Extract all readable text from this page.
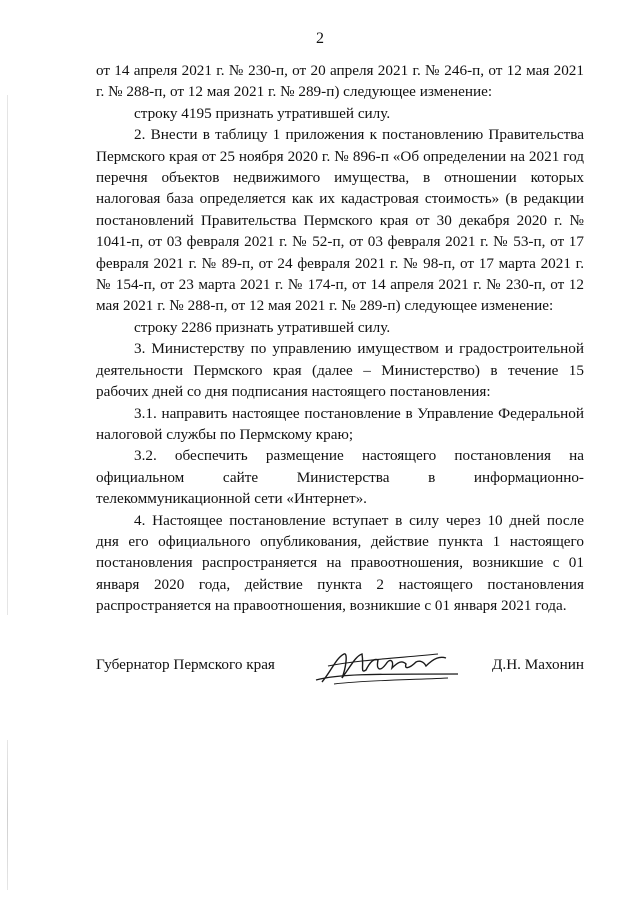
2

от 14 апреля 2021 г. № 230-п, от 20 апреля 2021 г. № 246-п, от 12 мая 2021 г. № 288-п, от 12 мая 2021 г. № 289-п) следующее изменение:

строку 4195 признать утратившей силу.

2. Внести в таблицу 1 приложения к постановлению Правительства Пермского края от 25 ноября 2020 г. № 896-п «Об определении на 2021 год перечня объектов недвижимого имущества, в отношении которых налоговая база определяется как их кадастровая стоимость» (в редакции постановлений Правительства Пермского края от 30 декабря 2020 г. № 1041-п, от 03 февраля 2021 г. № 52-п, от 03 февраля 2021 г. № 53-п, от 17 февраля 2021 г. № 89-п, от 24 февраля 2021 г. № 98-п, от 17 марта 2021 г. № 154-п, от 23 марта 2021 г. № 174-п, от 14 апреля 2021 г. № 230-п, от 12 мая 2021 г. № 288-п, от 12 мая 2021 г. № 289-п) следующее изменение:

строку 2286 признать утратившей силу.

3. Министерству по управлению имуществом и градостроительной деятельности Пермского края (далее – Министерство) в течение 15 рабочих дней со дня подписания настоящего постановления:

3.1. направить настоящее постановление в Управление Федеральной налоговой службы по Пермскому краю;

3.2. обеспечить размещение настоящего постановления на официальном сайте Министерства в информационно-телекоммуникационной сети «Интернет».

4. Настоящее постановление вступает в силу через 10 дней после дня его официального опубликования, действие пункта 1 настоящего постановления распространяется на правоотношения, возникшие с 01 января 2020 года, действие пункта 2 настоящего постановления распространяется на правоотношения, возникшие с 01 января 2021 года.

Губернатор Пермского края	Д.Н. Махонин
